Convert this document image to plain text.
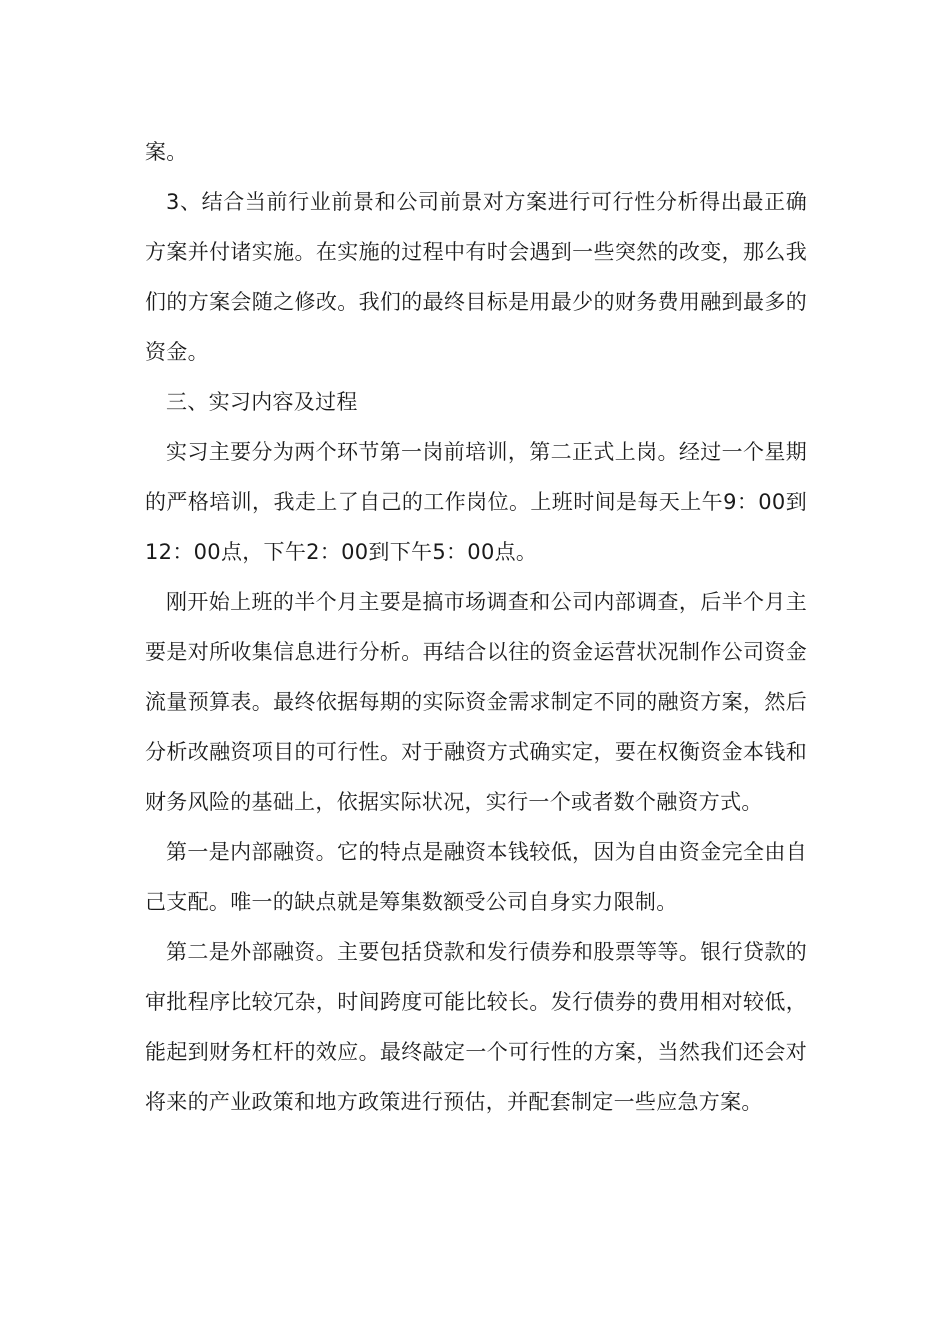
案。

3、结合当前行业前景和公司前景对方案进行可行性分析得出最正确方案并付诸实施。在实施的过程中有时会遇到一些突然的改变，那么我们的方案会随之修改。我们的最终目标是用最少的财务费用融到最多的资金。

三、实习内容及过程

实习主要分为两个环节第一岗前培训，第二正式上岗。经过一个星期的严格培训，我走上了自己的工作岗位。上班时间是每天上午9：00到12：00点，下午2：00到下午5：00点。

刚开始上班的半个月主要是搞市场调查和公司内部调查，后半个月主要是对所收集信息进行分析。再结合以往的资金运营状况制作公司资金流量预算表。最终依据每期的实际资金需求制定不同的融资方案，然后分析改融资项目的可行性。对于融资方式确实定，要在权衡资金本钱和财务风险的基础上，依据实际状况，实行一个或者数个融资方式。

第一是内部融资。它的特点是融资本钱较低，因为自由资金完全由自己支配。唯一的缺点就是筹集数额受公司自身实力限制。

第二是外部融资。主要包括贷款和发行债券和股票等等。银行贷款的审批程序比较冗杂，时间跨度可能比较长。发行债券的费用相对较低，能起到财务杠杆的效应。最终敲定一个可行性的方案，当然我们还会对将来的产业政策和地方政策进行预估，并配套制定一些应急方案。
